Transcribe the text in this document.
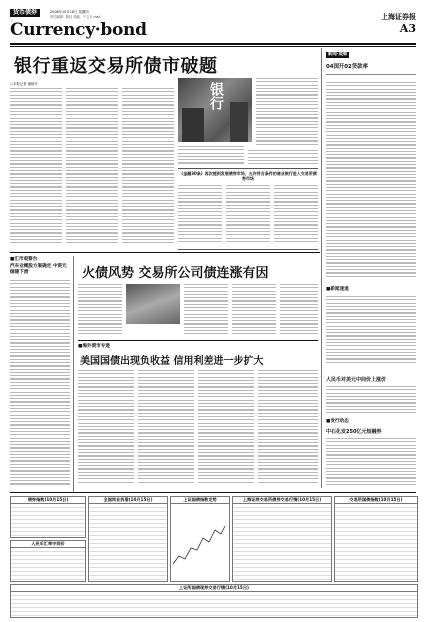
货币债券	2008年10月16日 星期四
责任编辑：陈佳 美编：于文 E-mail：
Currency·bond
上海证券报
A3
银行重返交易所债市破题
○本报记者 谢晓冬	银行
《金融30条》再次提到发展债券市场，允许符合条件的商业银行进入交易所债券市场
新闻·观察
04国开02贷款率
■汇市观察台
汽车业概股方案确定 中资元储建下滑	火债风势 交易所公司债连涨有因
■海外债市专递
美国国债出现负收益 信用利差进一步扩大
■新闻速递
人民币对美元中间价上涨价
■发行动态
中石化发250亿元短融券
债券指数(10月15日)
人民币汇率中间价
全国同业拆借(10月15日)	上证国债指数走势	上海证券交易所债券交易行情(10月15日)	交易所国债指数(10月15日)
上证所国债现券交易行情(10月15日)
